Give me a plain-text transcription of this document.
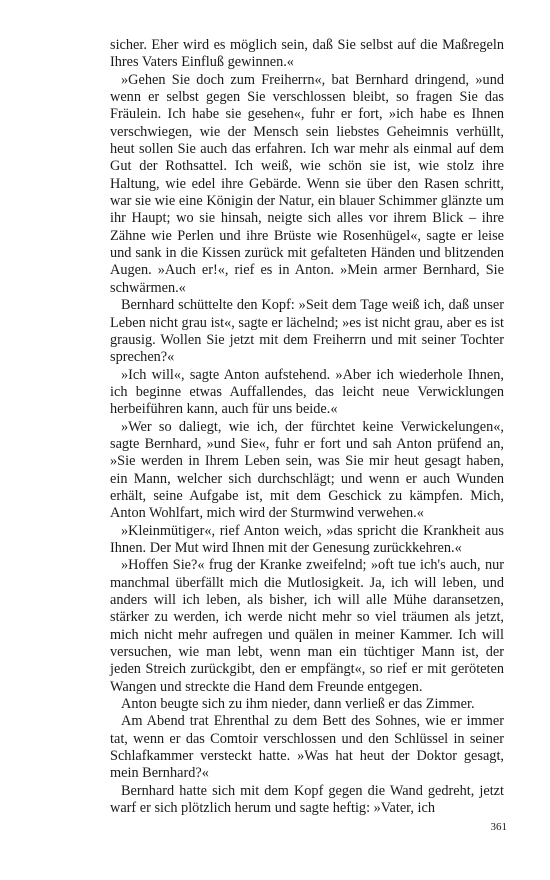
sicher. Eher wird es möglich sein, daß Sie selbst auf die Maßregeln Ihres Vaters Einfluß gewinnen.«

»Gehen Sie doch zum Freiherrn«, bat Bernhard dringend, »und wenn er selbst gegen Sie verschlossen bleibt, so fragen Sie das Fräulein. Ich habe sie gesehen«, fuhr er fort, »ich habe es Ihnen verschwiegen, wie der Mensch sein liebstes Geheimnis verhüllt, heut sollen Sie auch das erfahren. Ich war mehr als einmal auf dem Gut der Rothsattel. Ich weiß, wie schön sie ist, wie stolz ihre Haltung, wie edel ihre Gebärde. Wenn sie über den Rasen schritt, war sie wie eine Königin der Natur, ein blauer Schimmer glänzte um ihr Haupt; wo sie hinsah, neigte sich alles vor ihrem Blick – ihre Zähne wie Perlen und ihre Brüste wie Rosenhügel«, sagte er leise und sank in die Kissen zurück mit gefalteten Händen und blitzenden Augen. »Auch er!«, rief es in Anton. »Mein armer Bernhard, Sie schwärmen.«

Bernhard schüttelte den Kopf: »Seit dem Tage weiß ich, daß unser Leben nicht grau ist«, sagte er lächelnd; »es ist nicht grau, aber es ist grausig. Wollen Sie jetzt mit dem Freiherrn und mit seiner Tochter sprechen?«

»Ich will«, sagte Anton aufstehend. »Aber ich wiederhole Ihnen, ich beginne etwas Auffallendes, das leicht neue Verwicklungen herbeiführen kann, auch für uns beide.«

»Wer so daliegt, wie ich, der fürchtet keine Verwickelungen«, sagte Bernhard, »und Sie«, fuhr er fort und sah Anton prüfend an, »Sie werden in Ihrem Leben sein, was Sie mir heut gesagt haben, ein Mann, welcher sich durchschlägt; und wenn er auch Wunden erhält, seine Aufgabe ist, mit dem Geschick zu kämpfen. Mich, Anton Wohlfart, mich wird der Sturmwind verwehen.«

»Kleinmütiger«, rief Anton weich, »das spricht die Krankheit aus Ihnen. Der Mut wird Ihnen mit der Genesung zurückkehren.«

»Hoffen Sie?« frug der Kranke zweifelnd; »oft tue ich's auch, nur manchmal überfällt mich die Mutlosigkeit. Ja, ich will leben, und anders will ich leben, als bisher, ich will alle Mühe daransetzen, stärker zu werden, ich werde nicht mehr so viel träumen als jetzt, mich nicht mehr aufregen und quälen in meiner Kammer. Ich will versuchen, wie man lebt, wenn man ein tüchtiger Mann ist, der jeden Streich zurückgibt, den er empfängt«, so rief er mit geröteten Wangen und streckte die Hand dem Freunde entgegen.

Anton beugte sich zu ihm nieder, dann verließ er das Zimmer.

Am Abend trat Ehrenthal zu dem Bett des Sohnes, wie er immer tat, wenn er das Comtoir verschlossen und den Schlüssel in seiner Schlafkammer versteckt hatte. »Was hat heut der Doktor gesagt, mein Bernhard?«

Bernhard hatte sich mit dem Kopf gegen die Wand gedreht, jetzt warf er sich plötzlich herum und sagte heftig: »Vater, ich

361
